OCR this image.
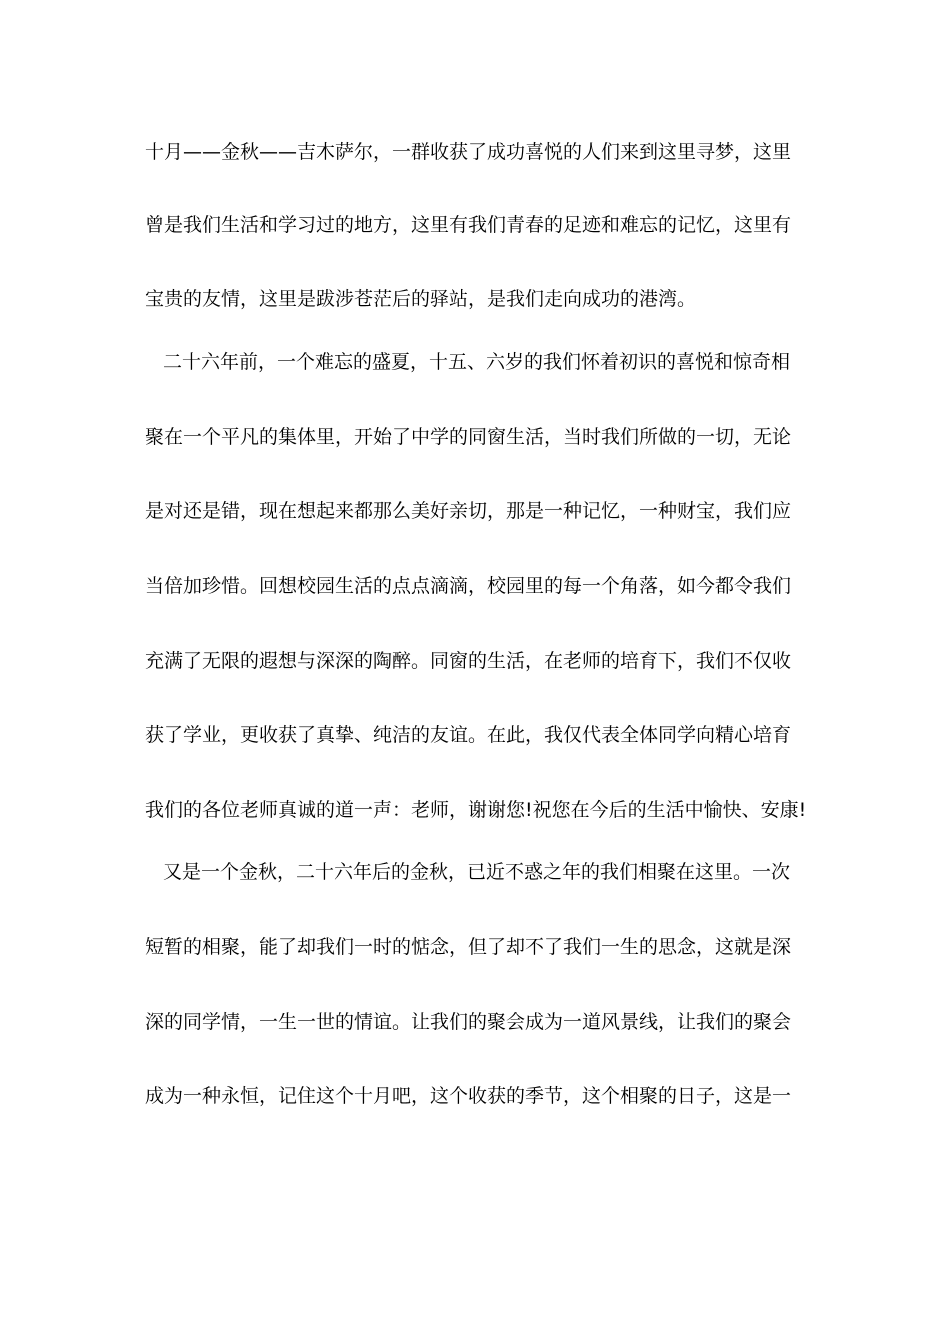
十月——金秋——吉木萨尔，一群收获了成功喜悦的人们来到这里寻梦，这里
曾是我们生活和学习过的地方，这里有我们青春的足迹和难忘的记忆，这里有
宝贵的友情，这里是跋涉苍茫后的驿站，是我们走向成功的港湾。
二十六年前，一个难忘的盛夏，十五、六岁的我们怀着初识的喜悦和惊奇相
聚在一个平凡的集体里，开始了中学的同窗生活，当时我们所做的一切，无论
是对还是错，现在想起来都那么美好亲切，那是一种记忆，一种财宝，我们应
当倍加珍惜。回想校园生活的点点滴滴，校园里的每一个角落，如今都令我们
充满了无限的遐想与深深的陶醉。同窗的生活，在老师的培育下，我们不仅收
获了学业，更收获了真挚、纯洁的友谊。在此，我仅代表全体同学向精心培育
我们的各位老师真诚的道一声：老师，谢谢您!祝您在今后的生活中愉快、安康!
又是一个金秋，二十六年后的金秋，已近不惑之年的我们相聚在这里。一次
短暂的相聚，能了却我们一时的惦念，但了却不了我们一生的思念，这就是深
深的同学情，一生一世的情谊。让我们的聚会成为一道风景线，让我们的聚会
成为一种永恒，记住这个十月吧，这个收获的季节，这个相聚的日子，这是一
